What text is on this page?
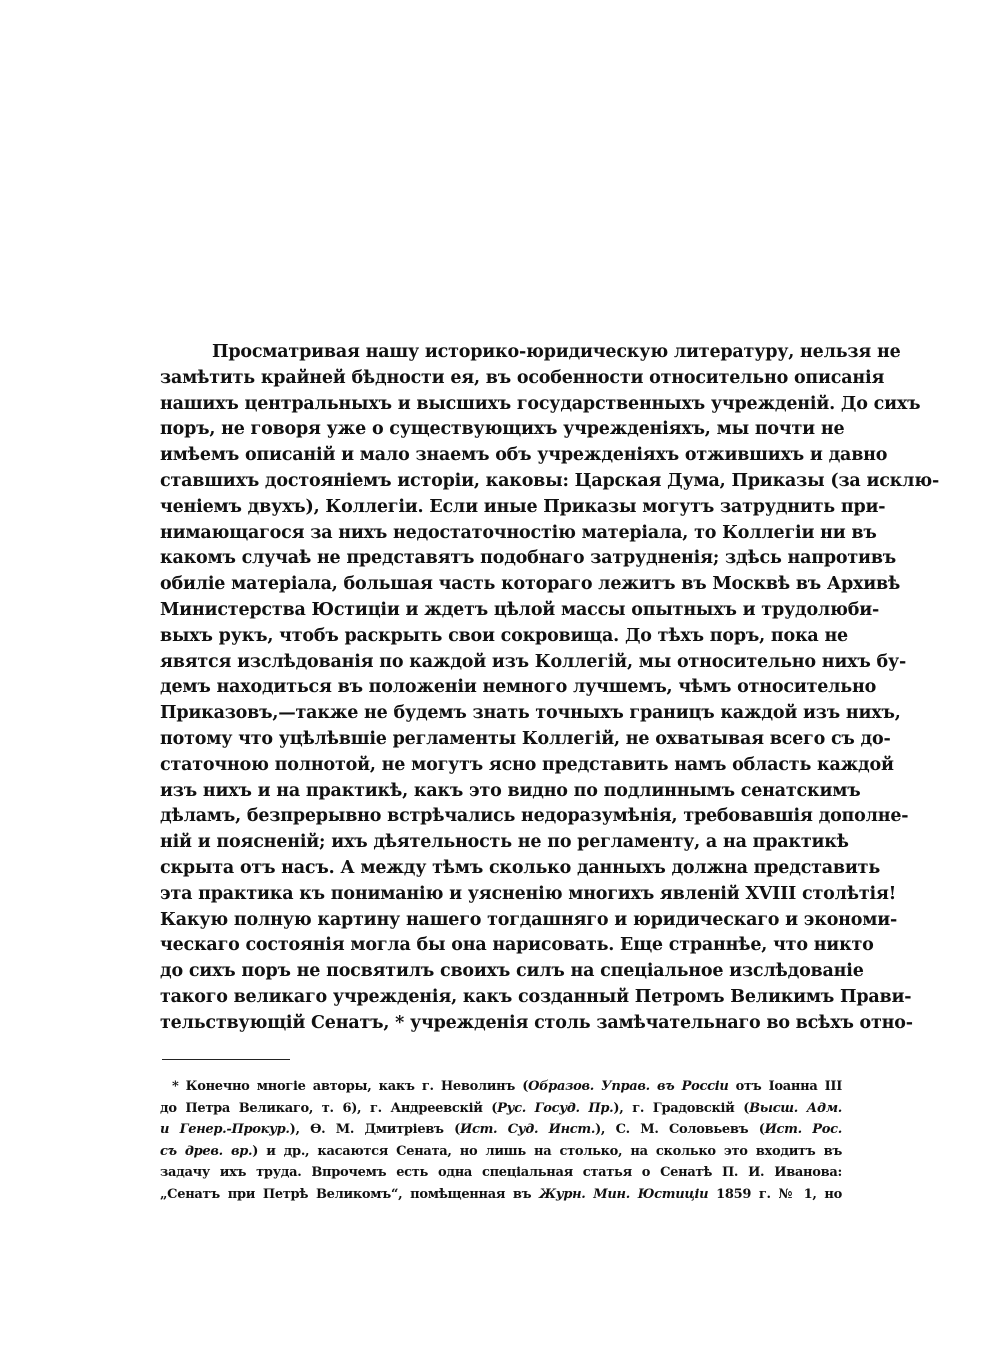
Просматривая нашу историко-юридическую литературу, нельзя не
замѣтить крайней бѣдности ея, въ особенности относительно описанія
нашихъ центральныхъ и высшихъ государственныхъ учрежденій. До сихъ
поръ, не говоря уже о существующихъ учрежденіяхъ, мы почти не
имѣемъ описаній и мало знаемъ объ учрежденіяхъ отжившихъ и давно
ставшихъ достояніемъ исторіи, каковы: Царская Дума, Приказы (за исклю-
ченіемъ двухъ), Коллегіи. Если иные Приказы могутъ затруднить при-
нимающагося за нихъ недостаточностію матеріала, то Коллегіи ни въ
какомъ случаѣ не представятъ подобнаго затрудненія; здѣсь напротивъ
обиліе матеріала, большая часть котораго лежитъ въ Москвѣ въ Архивѣ
Министерства Юстиціи и ждетъ цѣлой массы опытныхъ и трудолюби-
выхъ рукъ, чтобъ раскрыть свои сокровища. До тѣхъ поръ, пока не
явятся изслѣдованія по каждой изъ Коллегій, мы относительно нихъ бу-
демъ находиться въ положеніи немного лучшемъ, чѣмъ относительно
Приказовъ,—также не будемъ знать точныхъ границъ каждой изъ нихъ,
потому что уцѣлѣвшіе регламенты Коллегій, не охватывая всего съ до-
статочною полнотой, не могутъ ясно представить намъ область каждой
изъ нихъ и на практикѣ, какъ это видно по подлиннымъ сенатскимъ
дѣламъ, безпрерывно встрѣчались недоразумѣнія, требовавшія дополне-
ній и поясненій; ихъ дѣятельность не по регламенту, а на практикѣ
скрыта отъ насъ. А между тѣмъ сколько данныхъ должна представить
эта практика къ пониманію и уясненію многихъ явленій XVIII столѣтія!
Какую полную картину нашего тогдашняго и юридическаго и экономи-
ческаго состоянія могла бы она нарисовать. Еще страннѣе, что никто
до сихъ поръ не посвятилъ своихъ силъ на спеціальное изслѣдованіе
такого великаго учрежденія, какъ созданный Петромъ Великимъ Прави-
тельствующій Сенатъ, * учрежденія столь замѣчательнаго во всѣхъ отно-
* Конечно многіе авторы, какъ г. Неволинъ (Образов. Управ. въ Россіи отъ Іоанна III
до Петра Великаго, т. 6), г. Андреевскій (Рус. Госуд. Пр.), г. Градовскій (Высш. Адм.
и Генер.-Прокур.), Ѳ. М. Дмитріевъ (Ист. Суд. Инст.), С. М. Соловьевъ (Ист. Рос.
съ древ. вр.) и др., касаются Сената, но лишь на столько, на сколько это входитъ въ
задачу ихъ труда. Впрочемъ есть одна спеціальная статья о Сенатѣ П. И. Иванова:
„Сенатъ при Петрѣ Великомъ“, помѣщенная въ Журн. Мин. Юстиціи 1859 г. № 1, но
